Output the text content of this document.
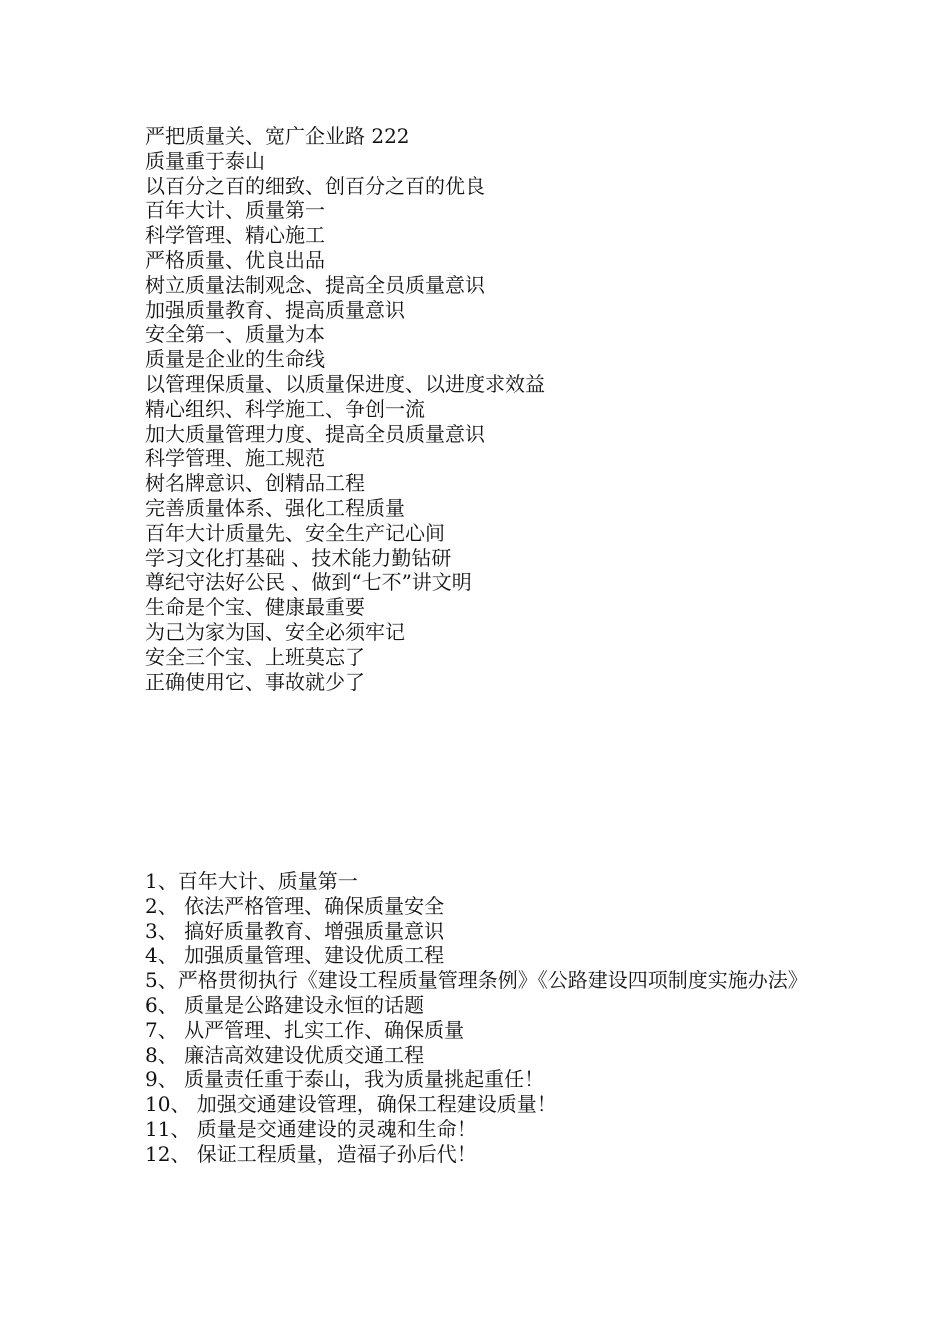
严把质量关、宽广企业路 222
质量重于泰山
以百分之百的细致、创百分之百的优良
百年大计、质量第一
科学管理、精心施工
严格质量、优良出品
树立质量法制观念、提高全员质量意识
加强质量教育、提高质量意识
安全第一、质量为本
质量是企业的生命线
以管理保质量、以质量保进度、以进度求效益
精心组织、科学施工、争创一流
加大质量管理力度、提高全员质量意识
科学管理、施工规范
树名牌意识、创精品工程
完善质量体系、强化工程质量
百年大计质量先、安全生产记心间
学习文化打基础 、技术能力勤钻研
尊纪守法好公民 、做到“七不”讲文明
生命是个宝、健康最重要
为己为家为国、安全必须牢记
安全三个宝、上班莫忘了
正确使用它、事故就少了
1、百年大计、质量第一
2、 依法严格管理、确保质量安全
3、 搞好质量教育、增强质量意识
4、 加强质量管理、建设优质工程
5、严格贯彻执行《建设工程质量管理条例》《公路建设四项制度实施办法》
6、 质量是公路建设永恒的话题
7、 从严管理、扎实工作、确保质量
8、 廉洁高效建设优质交通工程
9、 质量责任重于泰山，我为质量挑起重任！
10、 加强交通建设管理，确保工程建设质量！
11、 质量是交通建设的灵魂和生命！
12、 保证工程质量，造福子孙后代！
